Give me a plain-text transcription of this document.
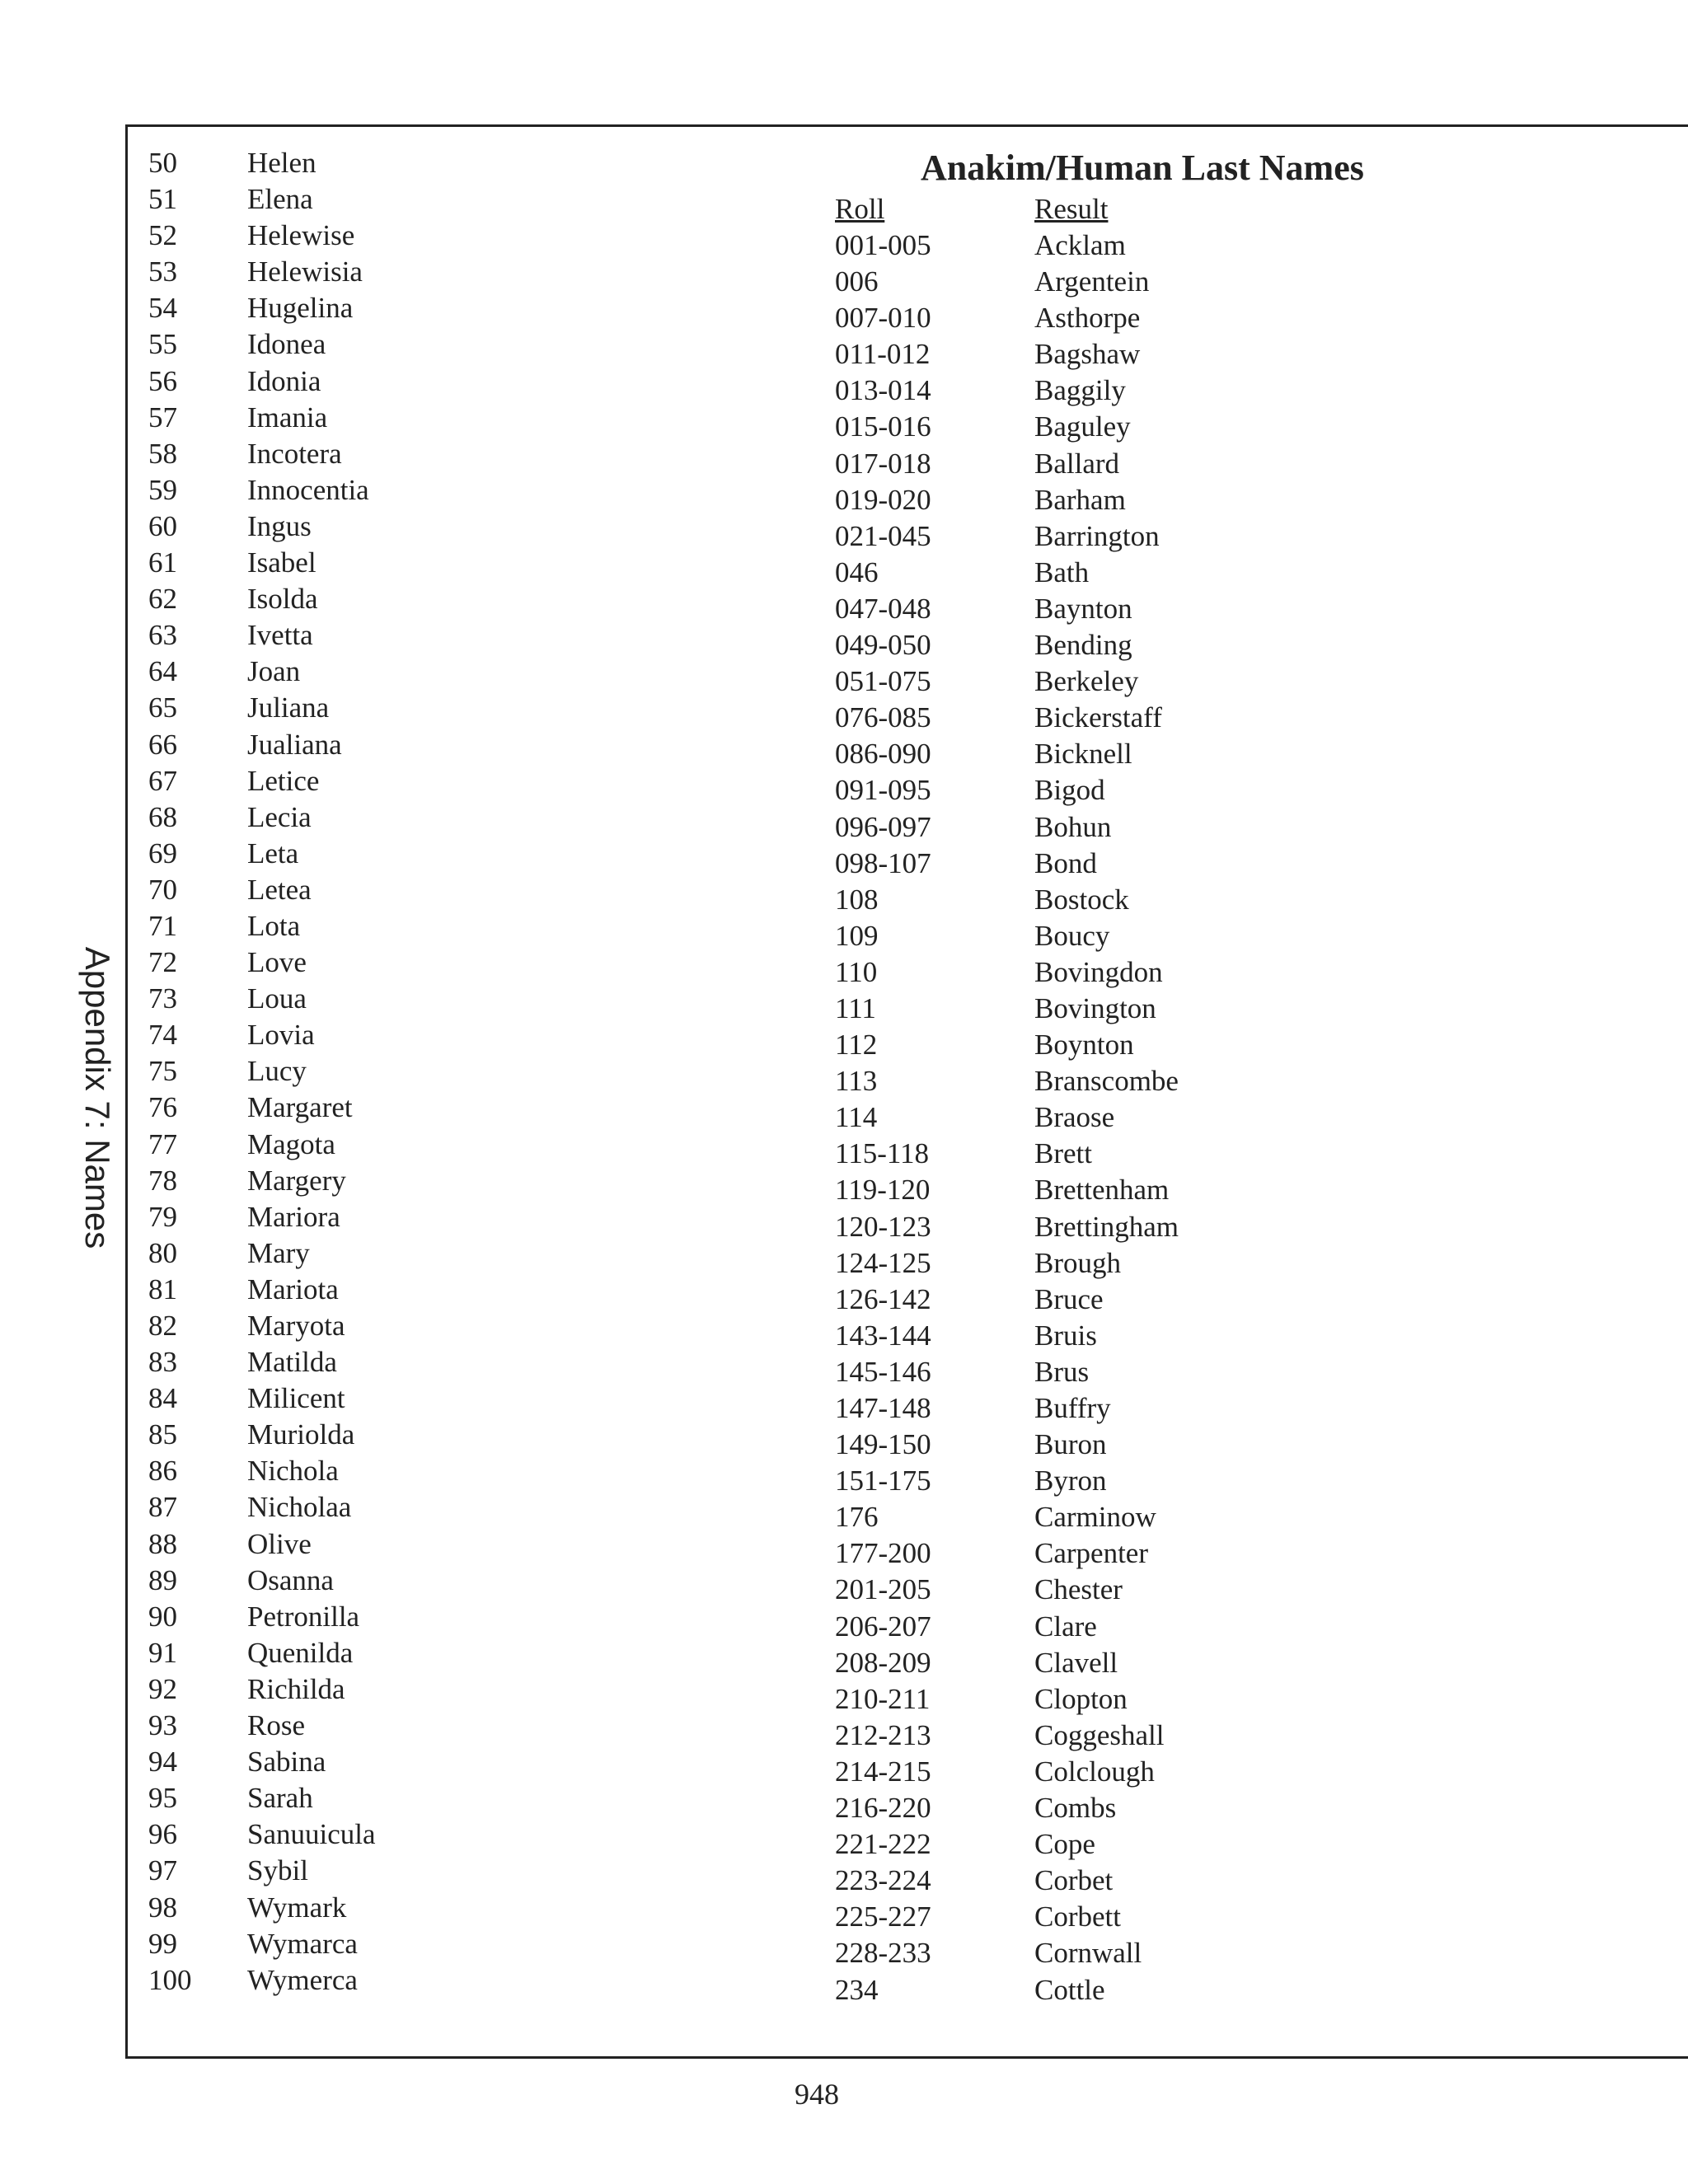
Appendix 7: Names
50 Helen
51 Elena
52 Helewise
53 Helewisia
54 Hugelina
55 Idonea
56 Idonia
57 Imania
58 Incotera
59 Innocentia
60 Ingus
61 Isabel
62 Isolda
63 Ivetta
64 Joan
65 Juliana
66 Jualiana
67 Letice
68 Lecia
69 Leta
70 Letea
71 Lota
72 Love
73 Loua
74 Lovia
75 Lucy
76 Margaret
77 Magota
78 Margery
79 Mariora
80 Mary
81 Mariota
82 Maryota
83 Matilda
84 Milicent
85 Muriolda
86 Nichola
87 Nicholaa
88 Olive
89 Osanna
90 Petronilla
91 Quenilda
92 Richilda
93 Rose
94 Sabina
95 Sarah
96 Sanuuicula
97 Sybil
98 Wymark
99 Wymarca
100 Wymerca
Anakim/Human Last Names
Roll	Result
001-005	Acklam
006	Argentein
007-010	Asthorpe
011-012	Bagshaw
013-014	Baggily
015-016	Baguley
017-018	Ballard
019-020	Barham
021-045	Barrington
046	Bath
047-048	Baynton
049-050	Bending
051-075	Berkeley
076-085	Bickerstaff
086-090	Bicknell
091-095	Bigod
096-097	Bohun
098-107	Bond
108	Bostock
109	Boucy
110	Bovingdon
111	Bovington
112	Boynton
113	Branscombe
114	Braose
115-118	Brett
119-120	Brettenham
120-123	Brettingham
124-125	Brough
126-142	Bruce
143-144	Bruis
145-146	Brus
147-148	Buffry
149-150	Buron
151-175	Byron
176	Carminow
177-200	Carpenter
201-205	Chester
206-207	Clare
208-209	Clavell
210-211	Clopton
212-213	Coggeshall
214-215	Colclough
216-220	Combs
221-222	Cope
223-224	Corbet
225-227	Corbett
228-233	Cornwall
234	Cottle
948
